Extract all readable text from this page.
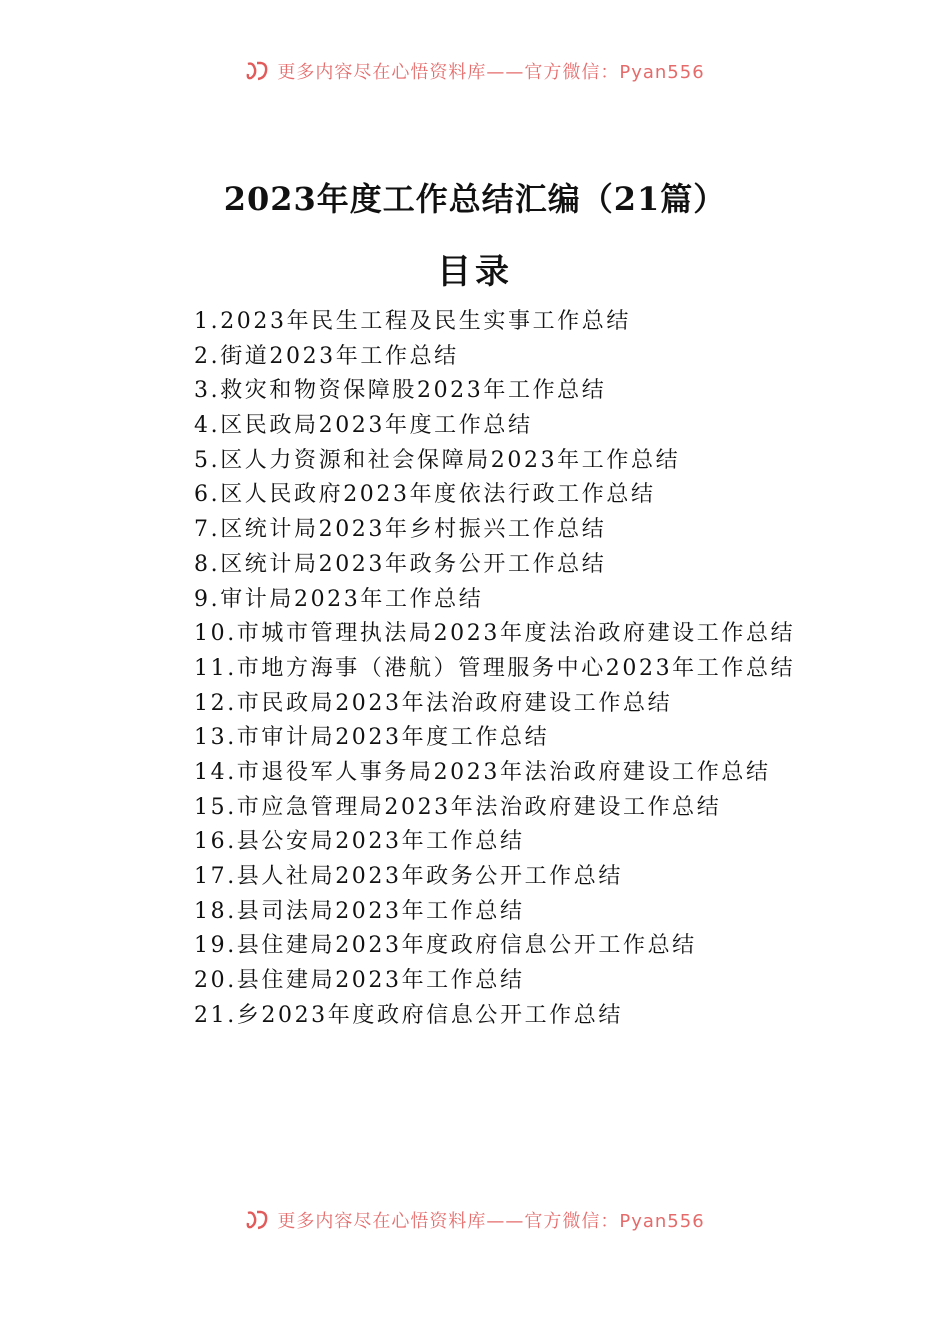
更多内容尽在心悟资料库——官方微信：Pyan556
2023年度工作总结汇编（21篇）
目录
1.2023年民生工程及民生实事工作总结
2.街道2023年工作总结
3.救灾和物资保障股2023年工作总结
4.区民政局2023年度工作总结
5.区人力资源和社会保障局2023年工作总结
6.区人民政府2023年度依法行政工作总结
7.区统计局2023年乡村振兴工作总结
8.区统计局2023年政务公开工作总结
9.审计局2023年工作总结
10.市城市管理执法局2023年度法治政府建设工作总结
11.市地方海事（港航）管理服务中心2023年工作总结
12.市民政局2023年法治政府建设工作总结
13.市审计局2023年度工作总结
14.市退役军人事务局2023年法治政府建设工作总结
15.市应急管理局2023年法治政府建设工作总结
16.县公安局2023年工作总结
17.县人社局2023年政务公开工作总结
18.县司法局2023年工作总结
19.县住建局2023年度政府信息公开工作总结
20.县住建局2023年工作总结
21.乡2023年度政府信息公开工作总结
更多内容尽在心悟资料库——官方微信：Pyan556
